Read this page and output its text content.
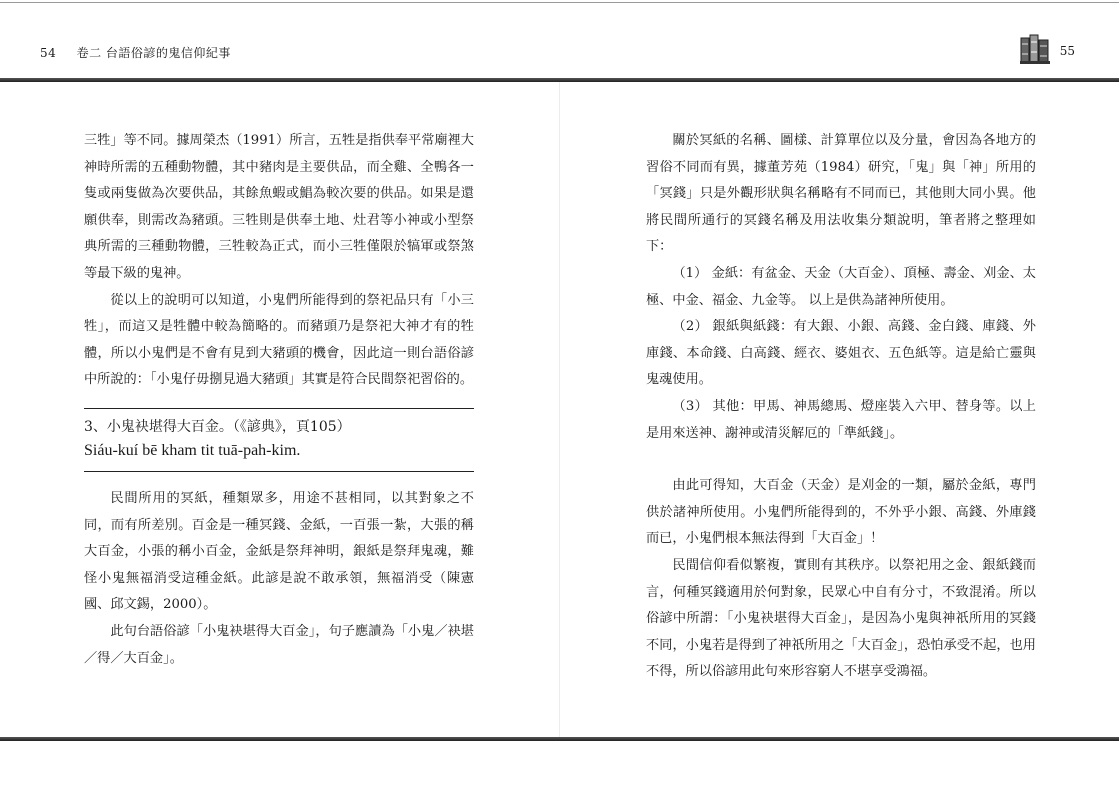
54 卷二 台語俗諺的鬼信仰紀事	55

三牲」等不同。據周榮杰（1991）所言，五牲是指供奉平常廟裡大神時所需的五種動物體，其中豬肉是主要供品，而全雞、全鴨各一隻或兩隻做為次要供品，其餘魚蝦或鯧為較次要的供品。如果是還願供奉，則需改為豬頭。三牲則是供奉土地、灶君等小神或小型祭典所需的三種動物體，三牲較為正式，而小三牲僅限於犒軍或祭煞等最下級的鬼神。

從以上的說明可以知道，小鬼們所能得到的祭祀品只有「小三牲」，而這又是牲體中較為簡略的。而豬頭乃是祭祀大神才有的牲體，所以小鬼們是不會有見到大豬頭的機會，因此這一則台語俗諺中所說的：「小鬼仔毋捌見過大豬頭」其實是符合民間祭祀習俗的。

3、小鬼袂堪得大百金。（《諺典》，頁105）
Siáu-kuí bē kham tit tuā-pah-kim.

民間所用的冥紙，種類眾多，用途不甚相同，以其對象之不同，而有所差別。百金是一種冥錢、金紙，一百張一紮，大張的稱大百金，小張的稱小百金，金紙是祭拜神明，銀紙是祭拜鬼魂，難怪小鬼無福消受這種金紙。此諺是說不敢承領，無福消受（陳憲國、邱文錫，2000）。

此句台語俗諺「小鬼袂堪得大百金」，句子應讀為「小鬼／袂堪／得／大百金」。

關於冥紙的名稱、圖樣、計算單位以及分量，會因為各地方的習俗不同而有異，據董芳苑（1984）研究，「鬼」與「神」所用的「冥錢」只是外觀形狀與名稱略有不同而已，其他則大同小異。他將民間所通行的冥錢名稱及用法收集分類說明，筆者將之整理如下：

（1） 金紙：有盆金、天金（大百金）、頂極、壽金、刈金、太極、中金、福金、九金等。 以上是供為諸神所使用。

（2） 銀紙與紙錢：有大銀、小銀、高錢、金白錢、庫錢、外庫錢、本命錢、白高錢、經衣、婆姐衣、五色紙等。這是給亡靈與鬼魂使用。

（3） 其他：甲馬、神馬總馬、燈座裝入六甲、替身等。以上是用來送神、謝神或清災解厄的「準紙錢」。

由此可得知，大百金（天金）是刈金的一類，屬於金紙，專門供於諸神所使用。小鬼們所能得到的，不外乎小銀、高錢、外庫錢而已，小鬼們根本無法得到「大百金」！

民間信仰看似繁複，實則有其秩序。以祭祀用之金、銀紙錢而言，何種冥錢適用於何對象，民眾心中自有分寸，不致混淆。所以俗諺中所謂：「小鬼袂堪得大百金」，是因為小鬼與神祇所用的冥錢不同，小鬼若是得到了神祇所用之「大百金」，恐怕承受不起，也用不得，所以俗諺用此句來形容窮人不堪享受鴻福。
